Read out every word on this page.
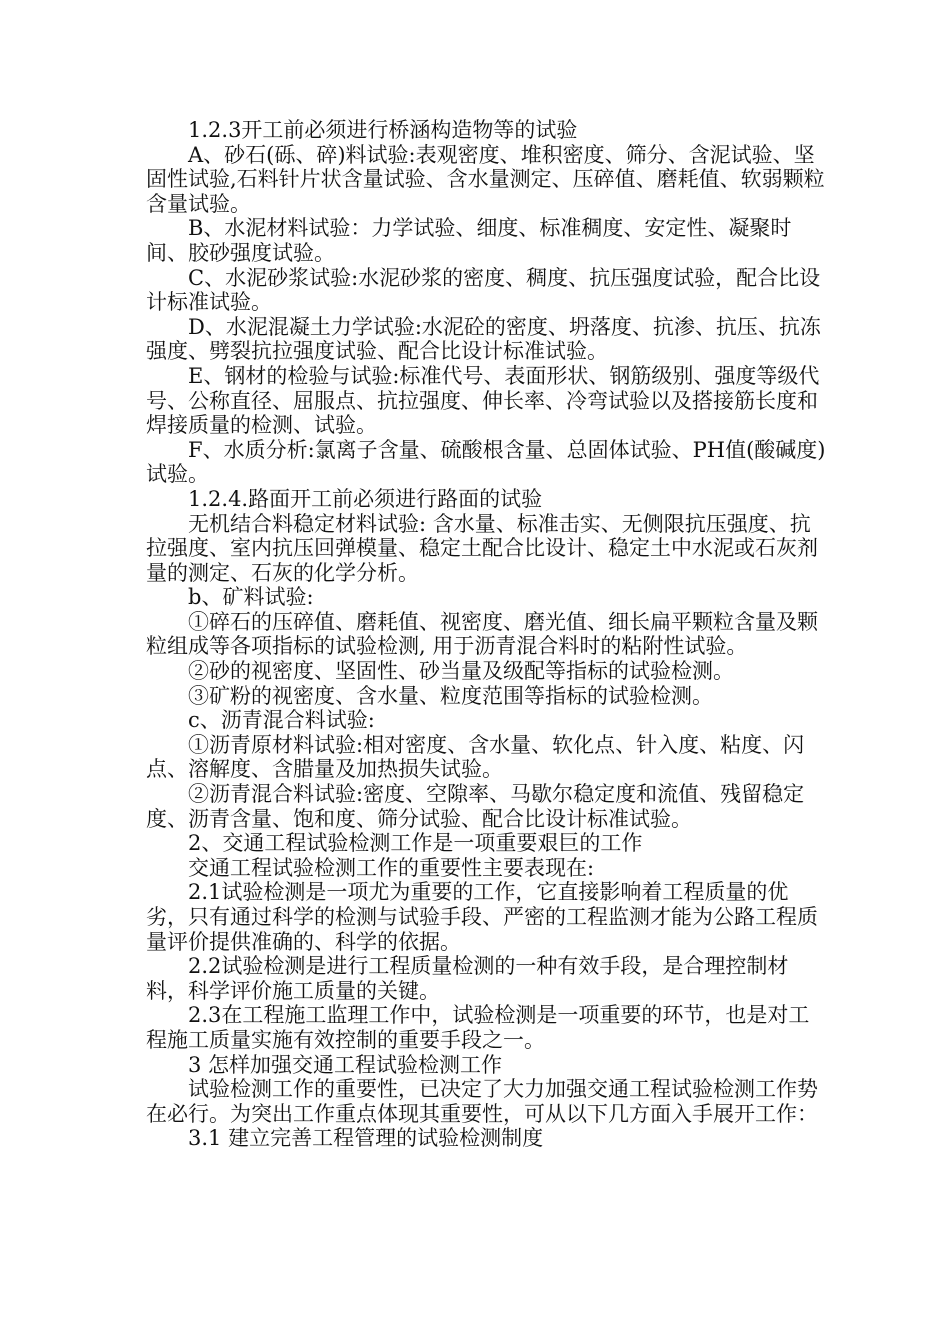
1.2.3开工前必须进行桥涵构造物等的试验

A、砂石(砾、碎)料试验:表观密度、堆积密度、筛分、含泥试验、坚固性试验,石料针片状含量试验、含水量测定、压碎值、磨耗值、软弱颗粒含量试验。

B、水泥材料试验：力学试验、细度、标准稠度、安定性、凝聚时间、胶砂强度试验。

C、水泥砂浆试验:水泥砂浆的密度、稠度、抗压强度试验，配合比设计标准试验。

D、水泥混凝土力学试验:水泥砼的密度、坍落度、抗渗、抗压、抗冻强度、劈裂抗拉强度试验、配合比设计标准试验。

E、钢材的检验与试验:标准代号、表面形状、钢筋级别、强度等级代号、公称直径、屈服点、抗拉强度、伸长率、冷弯试验以及搭接筋长度和焊接质量的检测、试验。

F、水质分析:氯离子含量、硫酸根含量、总固体试验、PH值(酸碱度)试验。

1.2.4.路面开工前必须进行路面的试验

无机结合料稳定材料试验: 含水量、标准击实、无侧限抗压强度、抗拉强度、室内抗压回弹模量、稳定土配合比设计、稳定土中水泥或石灰剂量的测定、石灰的化学分析。

b、矿料试验:

①碎石的压碎值、磨耗值、视密度、磨光值、细长扁平颗粒含量及颗粒组成等各项指标的试验检测, 用于沥青混合料时的粘附性试验。

②砂的视密度、坚固性、砂当量及级配等指标的试验检测。

③矿粉的视密度、含水量、粒度范围等指标的试验检测。

c、沥青混合料试验:

①沥青原材料试验:相对密度、含水量、软化点、针入度、粘度、闪点、溶解度、含腊量及加热损失试验。

②沥青混合料试验:密度、空隙率、马歇尔稳定度和流值、残留稳定度、沥青含量、饱和度、筛分试验、配合比设计标准试验。

2、交通工程试验检测工作是一项重要艰巨的工作

交通工程试验检测工作的重要性主要表现在:

2.1试验检测是一项尤为重要的工作，它直接影响着工程质量的优劣，只有通过科学的检测与试验手段、严密的工程监测才能为公路工程质量评价提供准确的、科学的依据。

2.2试验检测是进行工程质量检测的一种有效手段，是合理控制材料，科学评价施工质量的关键。

2.3在工程施工监理工作中，试验检测是一项重要的环节，也是对工程施工质量实施有效控制的重要手段之一。

3 怎样加强交通工程试验检测工作

试验检测工作的重要性，已决定了大力加强交通工程试验检测工作势在必行。为突出工作重点体现其重要性，可从以下几方面入手展开工作：

3.1 建立完善工程管理的试验检测制度
